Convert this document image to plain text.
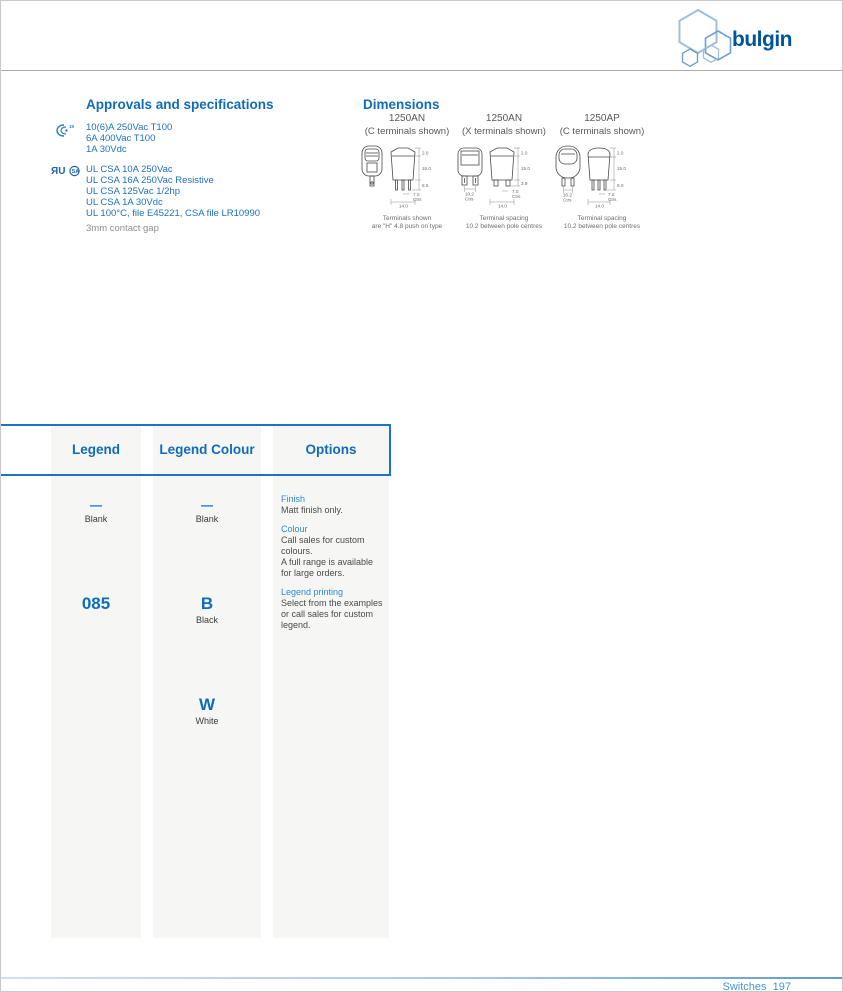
bulgin
Approvals and specifications
15 10(6)A 250Vac T100
6A 400Vac T100
1A 30Vdc
ЯU SA UL CSA 10A 250Vac
UL CSA 16A 250Vac Resistive
UL CSA 125Vac 1/2hp
UL CSA 1A 30Vdc
UL 100°C, file E45221, CSA file LR10990
3mm contact gap
Dimensions
1250AN
(C terminals shown)
2.0
15.0
8.5
7.0
Ctrs
14.0
Terminals shown
are "H" 4.8 push on type
1250AN
(X terminals shown)
10.2
Ctrs
2.0
15.0
3.9
7.0
Ctrs
14.0
Terminal spacing
10.2 between pole centres
1250AP
(C terminals shown)
10.2
Ctrs
2.0
15.0
8.0
7.0
Ctrs
14.0
Terminal spacing
10.2 between pole centres
Legend	Legend Colour	Options
—
Blank
085
—
Blank
B
Black
W
White
Finish
Matt finish only.
Colour
Call sales for custom colours.
A full range is available for large orders.
Legend printing
Select from the examples or call sales for custom legend.
Switches 197
